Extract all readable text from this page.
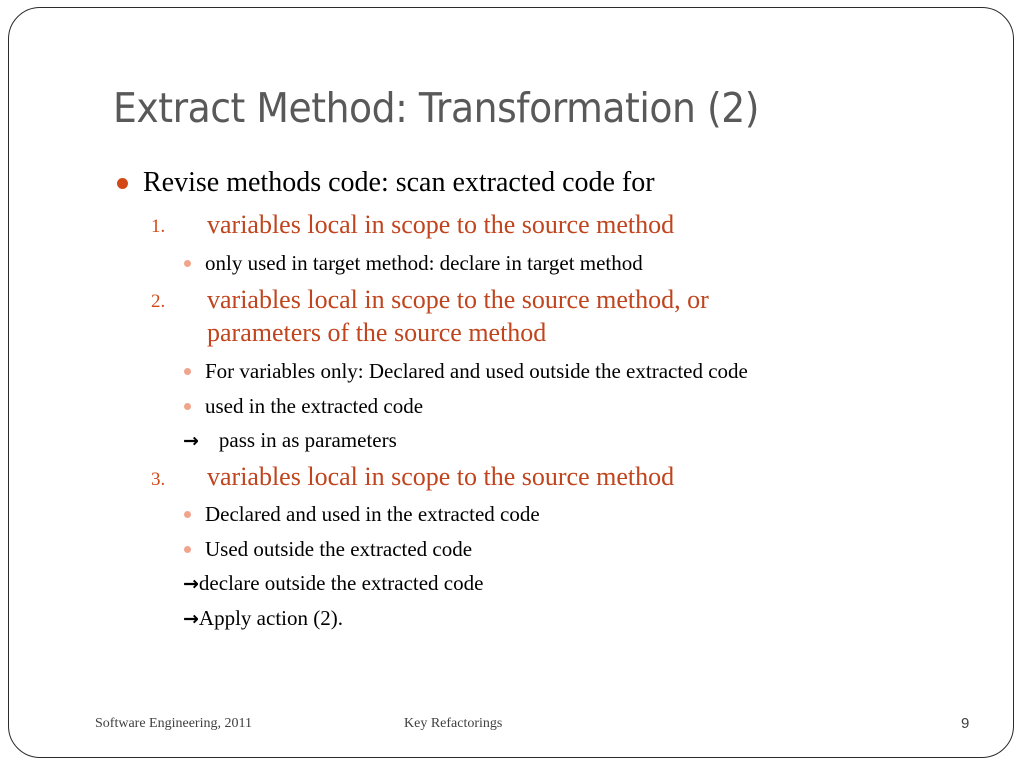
Extract Method: Transformation (2)
Revise methods code: scan extracted code for
1. variables local in scope to the source method
only used in target method: declare in target method
2. variables local in scope to the source method, or
parameters of the source method
For variables only: Declared and used outside the extracted code
used in the extracted code
→ pass in as parameters
3. variables local in scope to the source method
Declared and used in the extracted code
Used outside the extracted code
→declare outside the extracted code
→Apply action (2).
Software Engineering, 2011	Key Refactorings	9
